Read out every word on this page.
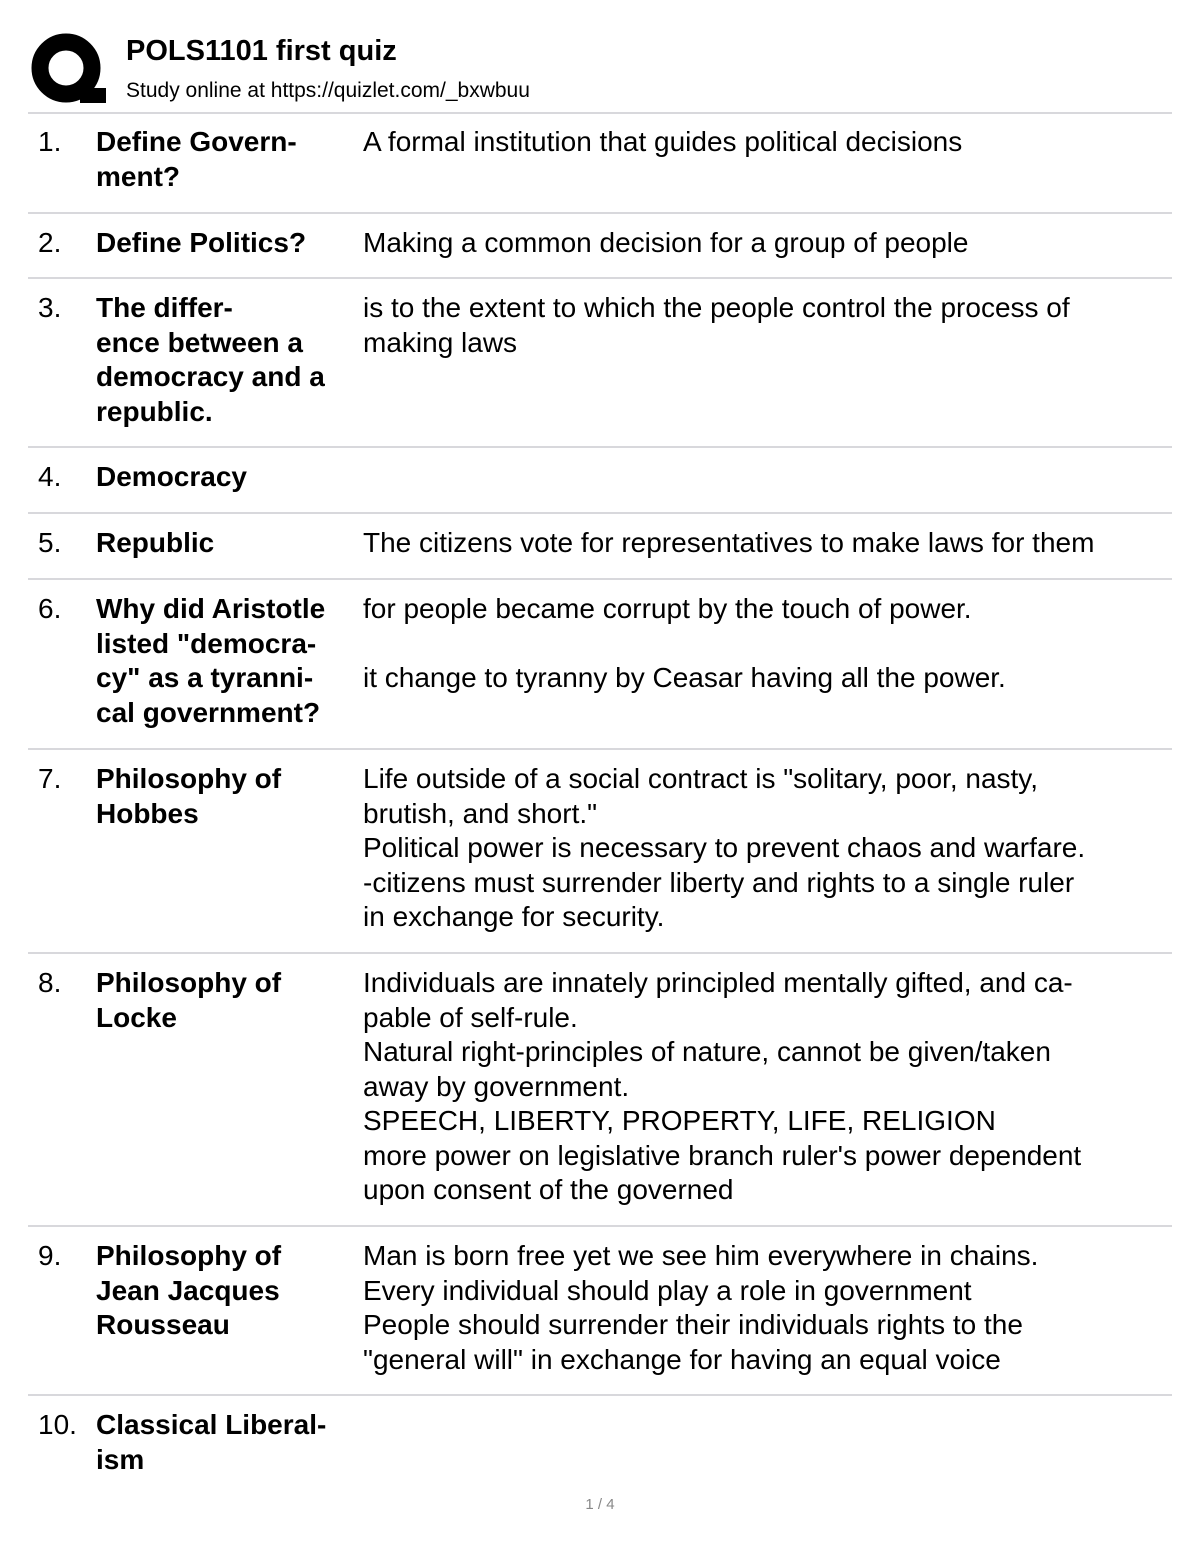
POLS1101 first quiz
Study online at https://quizlet.com/_bxwbuu
1. Define Govern-
ment?
A formal institution that guides political decisions
2. Define Politics?	Making a common decision for a group of people
3. The differ-
ence between a
democracy and a
republic.
is to the extent to which the people control the process of
making laws
4. Democracy
5. Republic	The citizens vote for representatives to make laws for them
6. Why did Aristotle
listed "democra-
cy" as a tyranni-
cal government?
for people became corrupt by the touch of power.
it change to tyranny by Ceasar having all the power.
7. Philosophy of
Hobbes
Life outside of a social contract is "solitary, poor, nasty,
brutish, and short."
Political power is necessary to prevent chaos and warfare.
-citizens must surrender liberty and rights to a single ruler
in exchange for security.
8. Philosophy of
Locke
Individuals are innately principled mentally gifted, and ca-
pable of self-rule.
Natural right-principles of nature, cannot be given/taken
away by government.
SPEECH, LIBERTY, PROPERTY, LIFE, RELIGION
more power on legislative branch ruler's power dependent
upon consent of the governed
9. Philosophy of
Jean Jacques
Rousseau
Man is born free yet we see him everywhere in chains.
Every individual should play a role in government
People should surrender their individuals rights to the
"general will" in exchange for having an equal voice
10. Classical Liberal-
ism
1 / 4
